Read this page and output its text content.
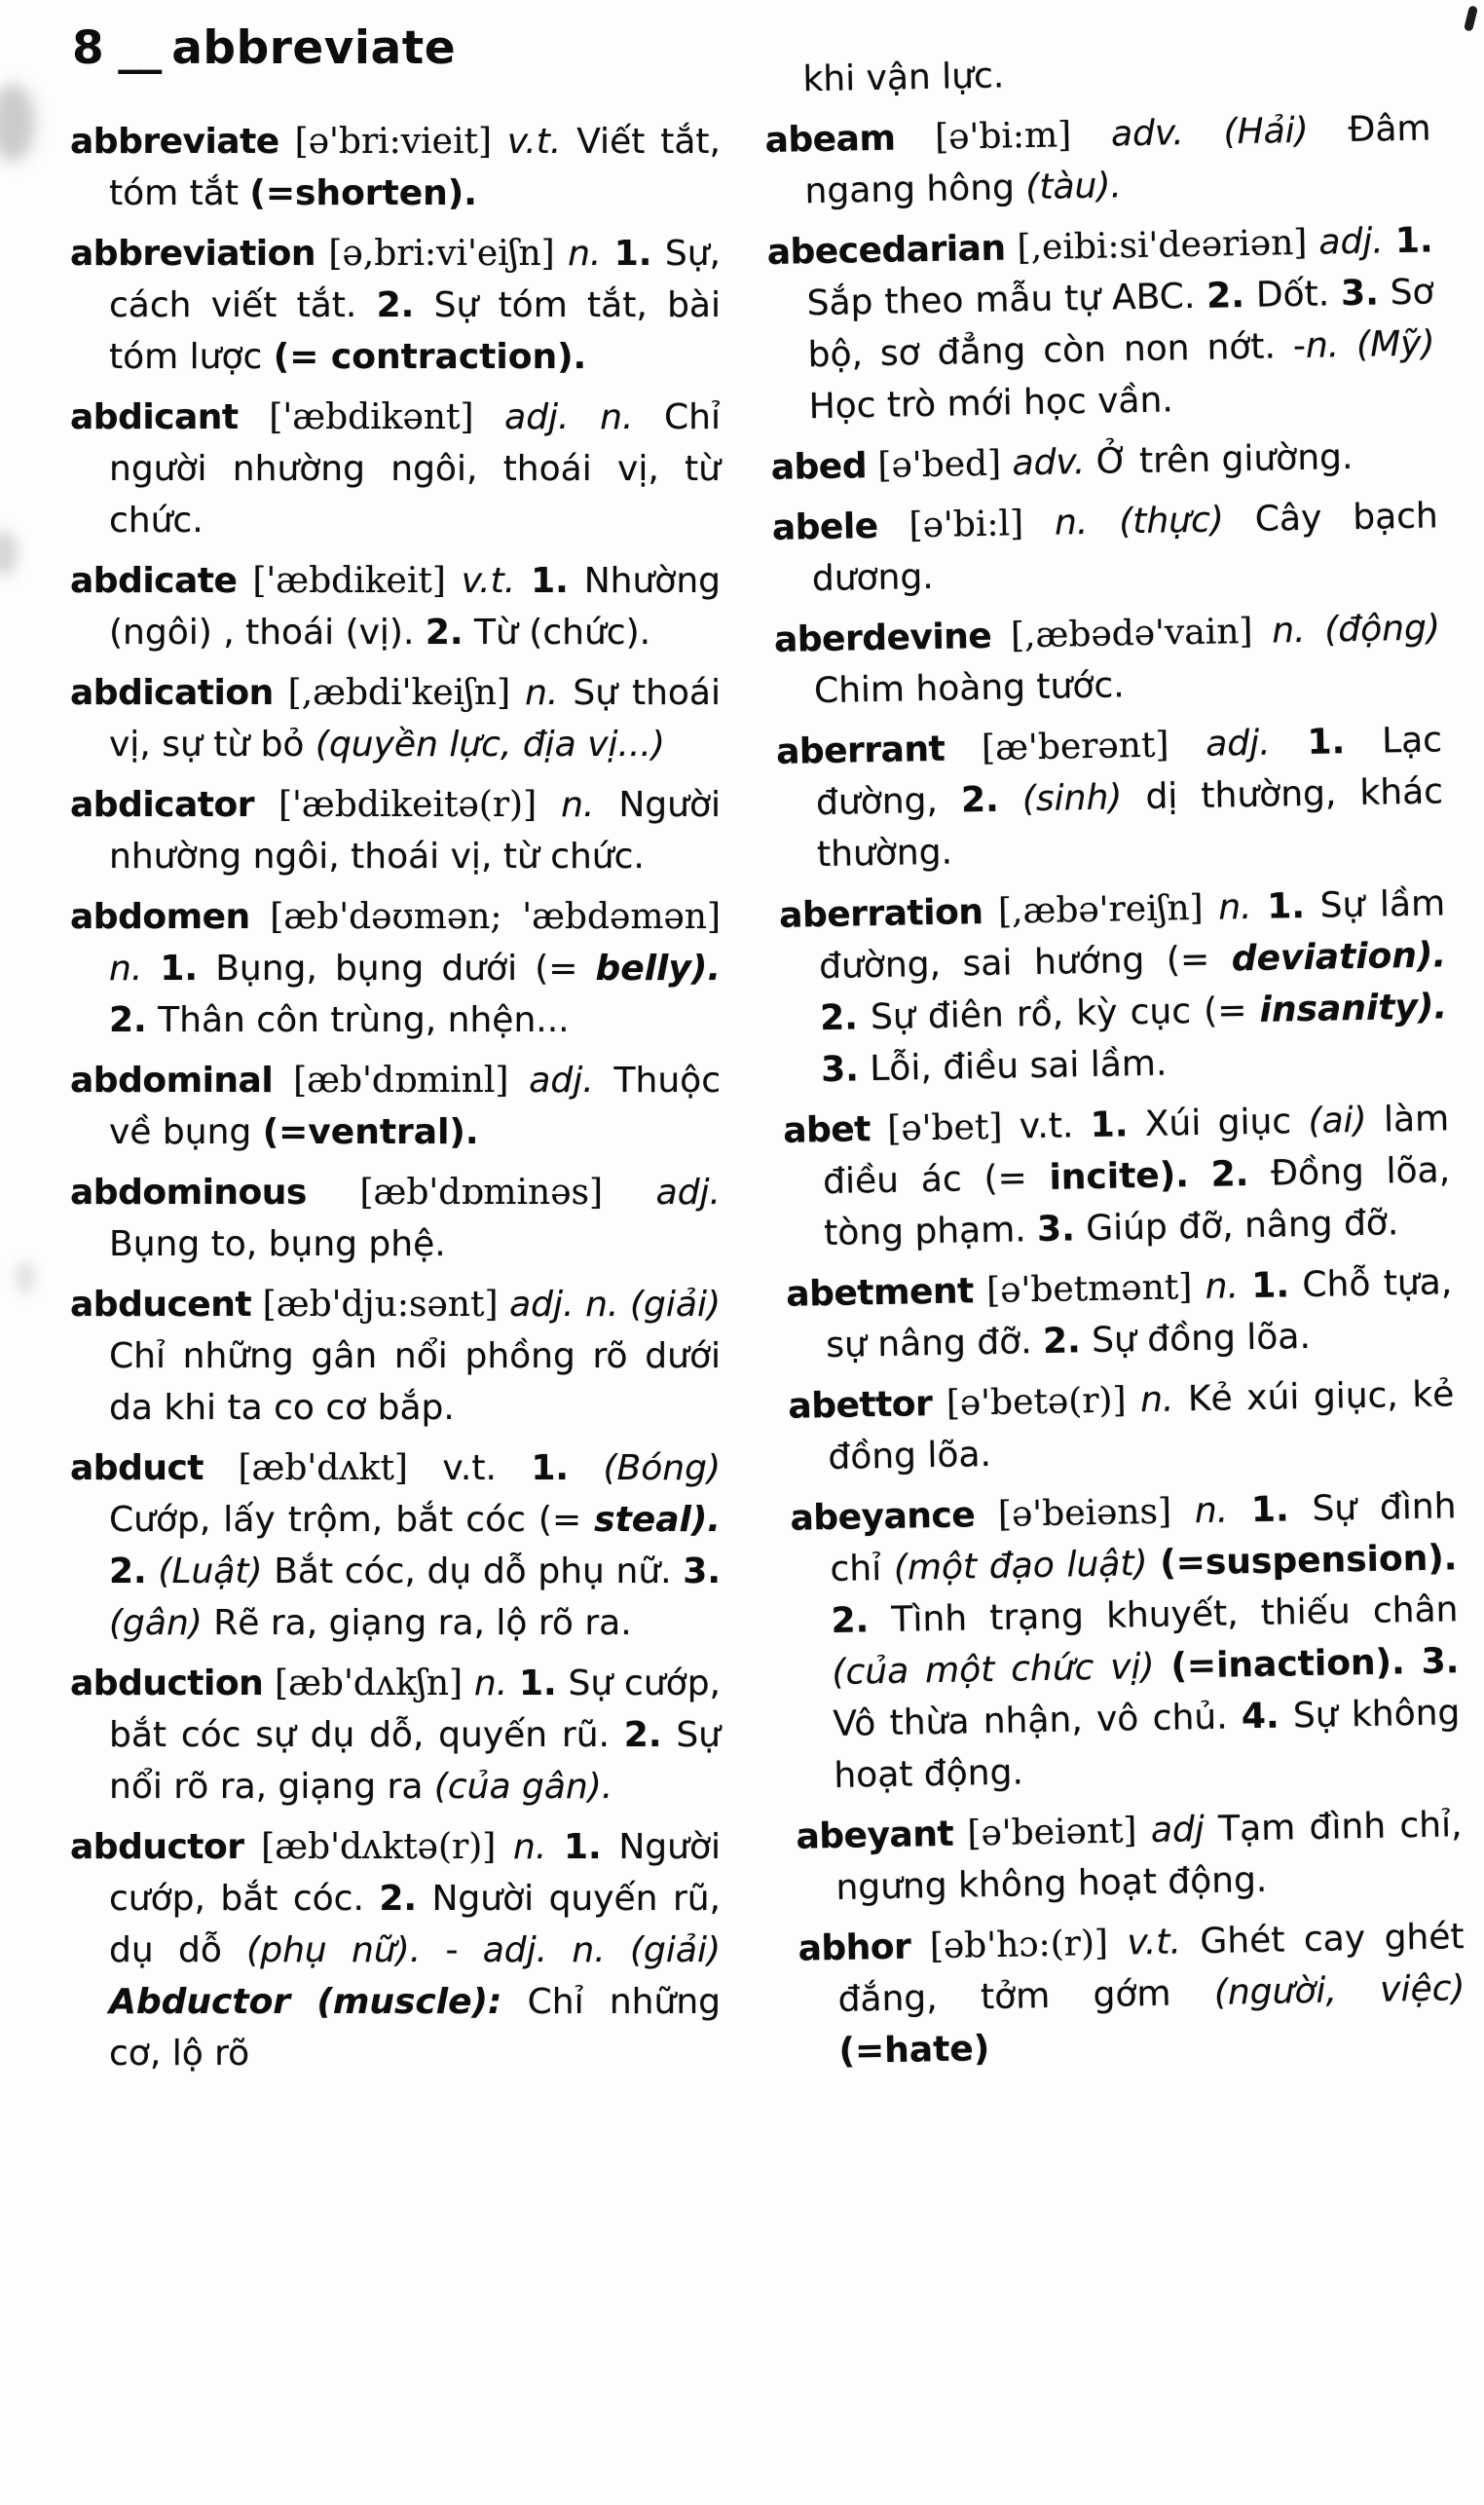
8 __ abbreviate
abbreviate [ə'bri:vieit] v.t. Viết tắt, tóm tắt (=shorten).
abbreviation [ə,bri:vi'eiʃn] n. 1. Sự, cách viết tắt. 2. Sự tóm tắt, bài tóm lược (= contraction).
abdicant ['æbdikənt] adj. n. Chỉ người nhường ngôi, thoái vị, từ chức.
abdicate ['æbdikeit] v.t. 1. Nhường (ngôi) , thoái (vị). 2. Từ (chức).
abdication [,æbdi'keiʃn] n. Sự thoái vị, sự từ bỏ (quyền lực, địa vị...)
abdicator ['æbdikeitə(r)] n. Người nhường ngôi, thoái vị, từ chức.
abdomen [æb'dəʊmən; 'æbdəmən] n. 1. Bụng, bụng dưới (= belly). 2. Thân côn trùng, nhện...
abdominal [æb'dɒminl] adj. Thuộc về bụng (=ventral).
abdominous [æb'dɒminəs] adj. Bụng to, bụng phệ.
abducent [æb'dju:sənt] adj. n. (giải) Chỉ những gân nổi phồng rõ dưới da khi ta co cơ bắp.
abduct [æb'dʌkt] v.t. 1. (Bóng) Cướp, lấy trộm, bắt cóc (= steal). 2. (Luật) Bắt cóc, dụ dỗ phụ nữ. 3. (gân) Rẽ ra, giạng ra, lộ rõ ra.
abduction [æb'dʌkʃn] n. 1. Sự cướp, bắt cóc sự dụ dỗ, quyến rũ. 2. Sự nổi rõ ra, giạng ra (của gân).
abductor [æb'dʌktə(r)] n. 1. Người cướp, bắt cóc. 2. Người quyến rũ, dụ dỗ (phụ nữ). - adj. n. (giải) Abductor (muscle): Chỉ những cơ, lộ rõ
khi vận lực.
abeam [ə'bi:m] adv. (Hải) Đâm ngang hông (tàu).
abecedarian [,eibi:si'deəriən] adj. 1. Sắp theo mẫu tự ABC. 2. Dốt. 3. Sơ bộ, sơ đẳng còn non nớt. -n. (Mỹ) Học trò mới học vần.
abed [ə'bed] adv. Ở trên giường.
abele [ə'bi:l] n. (thực) Cây bạch dương.
aberdevine [,æbədə'vain] n. (động) Chim hoàng tước.
aberrant [æ'berənt] adj. 1. Lạc đường, 2. (sinh) dị thường, khác thường.
aberration [,æbə'reiʃn] n. 1. Sự lầm đường, sai hướng (= deviation). 2. Sự điên rồ, kỳ cục (= insanity). 3. Lỗi, điều sai lầm.
abet [ə'bet] v.t. 1. Xúi giục (ai) làm điều ác (= incite). 2. Đồng lõa, tòng phạm. 3. Giúp đỡ, nâng đỡ.
abetment [ə'betmənt] n. 1. Chỗ tựa, sự nâng đỡ. 2. Sự đồng lõa.
abettor [ə'betə(r)] n. Kẻ xúi giục, kẻ đồng lõa.
abeyance [ə'beiəns] n. 1. Sự đình chỉ (một đạo luật) (=suspension). 2. Tình trạng khuyết, thiếu chân (của một chức vị) (=inaction). 3. Vô thừa nhận, vô chủ. 4. Sự không hoạt động.
abeyant [ə'beiənt] adj Tạm đình chỉ, ngưng không hoạt động.
abhor [əb'hɔ:(r)] v.t. Ghét cay ghét đắng, tởm gớm (người, việc) (=hate)
